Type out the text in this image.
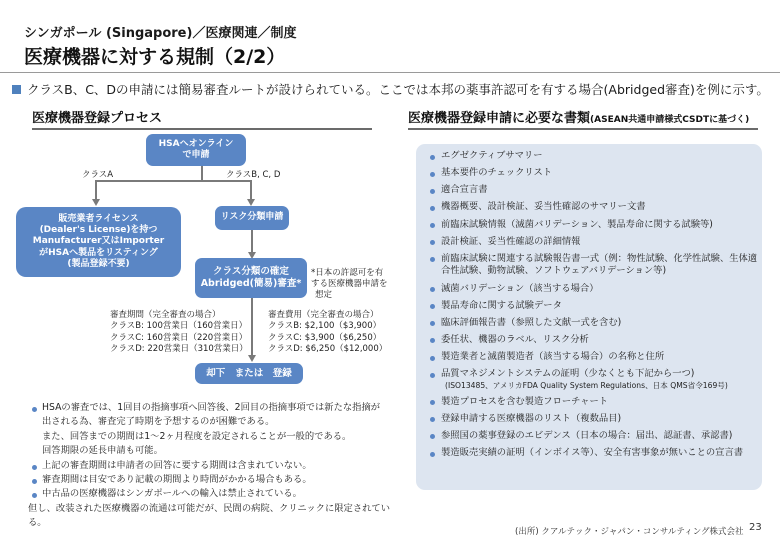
シンガポール (Singapore)／医療関連／制度
医療機器に対する規制（2/2）
クラスB、C、Dの申請には簡易審査ルートが設けられている。ここでは本邦の薬事許認可を有する場合(Abridged審査)を例に示す。
医療機器登録プロセス
HSAへオンライン
で申請
クラスA	クラスB, C, D
販売業者ライセンス
(Dealer's License)を持つ
Manufacturer又はImporter
がHSAへ製品をリスティング
(製品登録不要)
リスク分類申請
クラス分類の確定
Abridged(簡易)審査*
*日本の許認可を有
する医療機器申請を
想定
審査期間（完全審査の場合）
クラスB: 100営業日（160営業日）
クラスC: 160営業日（220営業日）
クラスD: 220営業日（310営業日）
審査費用（完全審査の場合）
クラスB: $2,100（$3,900）
クラスC: $3,900（$6,250）
クラスD: $6,250（$12,000）
却下　または　登録
HSAの審査では、1回目の指摘事項へ回答後、2回目の指摘事項では新たな指摘が
出される為、審査完了時期を予想するのが困難である。
また、回答までの期間は1～2ヶ月程度を設定されることが一般的である。
回答期限の延長申請も可能。
上記の審査期間は申請者の回答に要する期間は含まれていない。
審査期間は目安であり記載の期間より時間がかかる場合もある。
中古品の医療機器はシンガポールへの輸入は禁止されている。
但し、改装された医療機器の流通は可能だが、民間の病院、クリニックに限定されている。
医療機器登録申請に必要な書類(ASEAN共通申請様式CSDTに基づく)
エグゼクティブサマリー
基本要件のチェックリスト
適合宣言書
機器概要、設計検証、妥当性確認のサマリー文書
前臨床試験情報（滅菌バリデーション、製品寿命に関する試験等)
設計検証、妥当性確認の詳細情報
前臨床試験に関連する試験報告書一式（例：物性試験、化学性試験、生体適合性試験、動物試験、ソフトウェアバリデーション等)
滅菌バリデーション（該当する場合）
製品寿命に関する試験データ
臨床評価報告書（参照した文献一式を含む)
委任状、機器のラベル、リスク分析
製造業者と滅菌製造者（該当する場合）の名称と住所
品質マネジメントシステムの証明（少なくとも下記から一つ)
(ISO13485、アメリカFDA Quality System Regulations、日本 QMS省令169号)
製造プロセスを含む製造フローチャート
登録申請する医療機器のリスト（複数品目)
参照国の薬事登録のエビデンス（日本の場合：届出、認証書、承認書)
製造販売実績の証明（インボイス等）、安全有害事象が無いことの宣言書
(出所) クアルテック・ジャパン・コンサルティング株式会社 23
